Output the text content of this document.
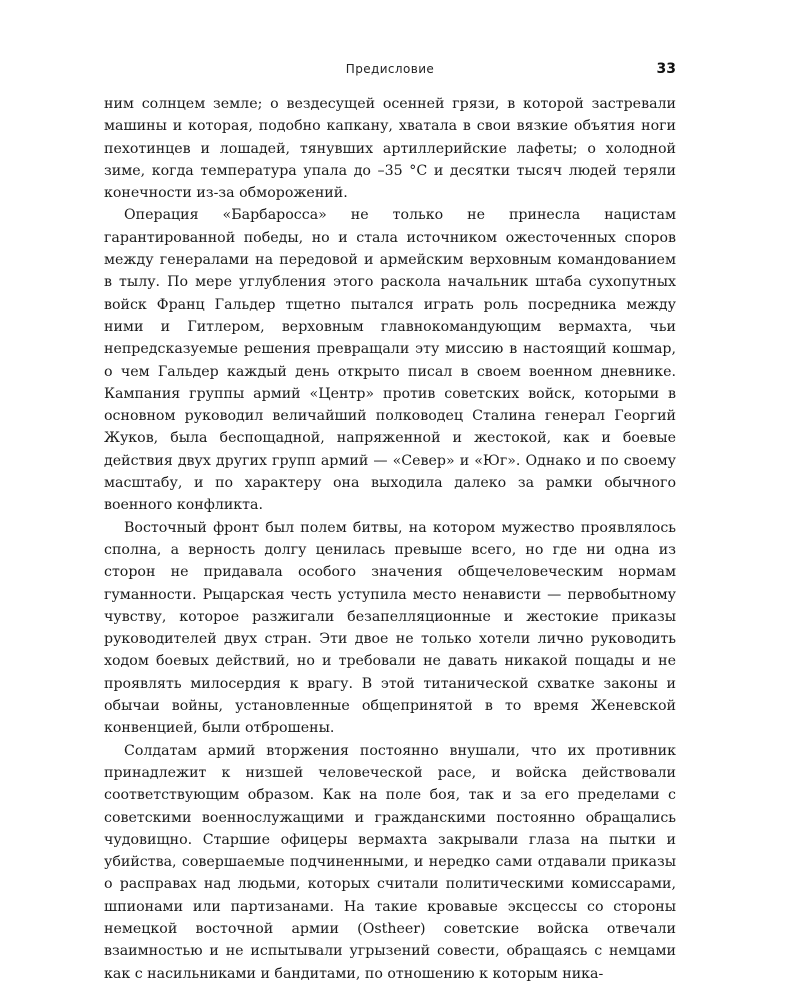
Предисловие	33

ним солнцем земле; о вездесущей осенней грязи, в которой застревали машины и которая, подобно капкану, хватала в свои вязкие объятия ноги пехотинцев и лошадей, тянувших артиллерийские лафеты; о холодной зиме, когда температура упала до –35 °C и десятки тысяч людей теряли конечности из-за обморожений.

Операция «Барбаросса» не только не принесла нацистам гарантированной победы, но и стала источником ожесточенных споров между генералами на передовой и армейским верховным командованием в тылу. По мере углубления этого раскола начальник штаба сухопутных войск Франц Гальдер тщетно пытался играть роль посредника между ними и Гитлером, верховным главнокомандующим вермахта, чьи непредсказуемые решения превращали эту миссию в настоящий кошмар, о чем Гальдер каждый день открыто писал в своем военном дневнике. Кампания группы армий «Центр» против советских войск, которыми в основном руководил величайший полководец Сталина генерал Георгий Жуков, была беспощадной, напряженной и жестокой, как и боевые действия двух других групп армий — «Север» и «Юг». Однако и по своему масштабу, и по характеру она выходила далеко за рамки обычного военного конфликта.

Восточный фронт был полем битвы, на котором мужество проявлялось сполна, а верность долгу ценилась превыше всего, но где ни одна из сторон не придавала особого значения общечеловеческим нормам гуманности. Рыцарская честь уступила место ненависти — первобытному чувству, которое разжигали безапелляционные и жестокие приказы руководителей двух стран. Эти двое не только хотели лично руководить ходом боевых действий, но и требовали не давать никакой пощады и не проявлять милосердия к врагу. В этой титанической схватке законы и обычаи войны, установленные общепринятой в то время Женевской конвенцией, были отброшены.

Солдатам армий вторжения постоянно внушали, что их противник принадлежит к низшей человеческой расе, и войска действовали соответствующим образом. Как на поле боя, так и за его пределами с советскими военнослужащими и гражданскими постоянно обращались чудовищно. Старшие офицеры вермахта закрывали глаза на пытки и убийства, совершаемые подчиненными, и нередко сами отдавали приказы о расправах над людьми, которых считали политическими комиссарами, шпионами или партизанами. На такие кровавые эксцессы со стороны немецкой восточной армии (Ostheer) советские войска отвечали взаимностью и не испытывали угрызений совести, обращаясь с немцами как с насильниками и бандитами, по отношению к которым ника-
